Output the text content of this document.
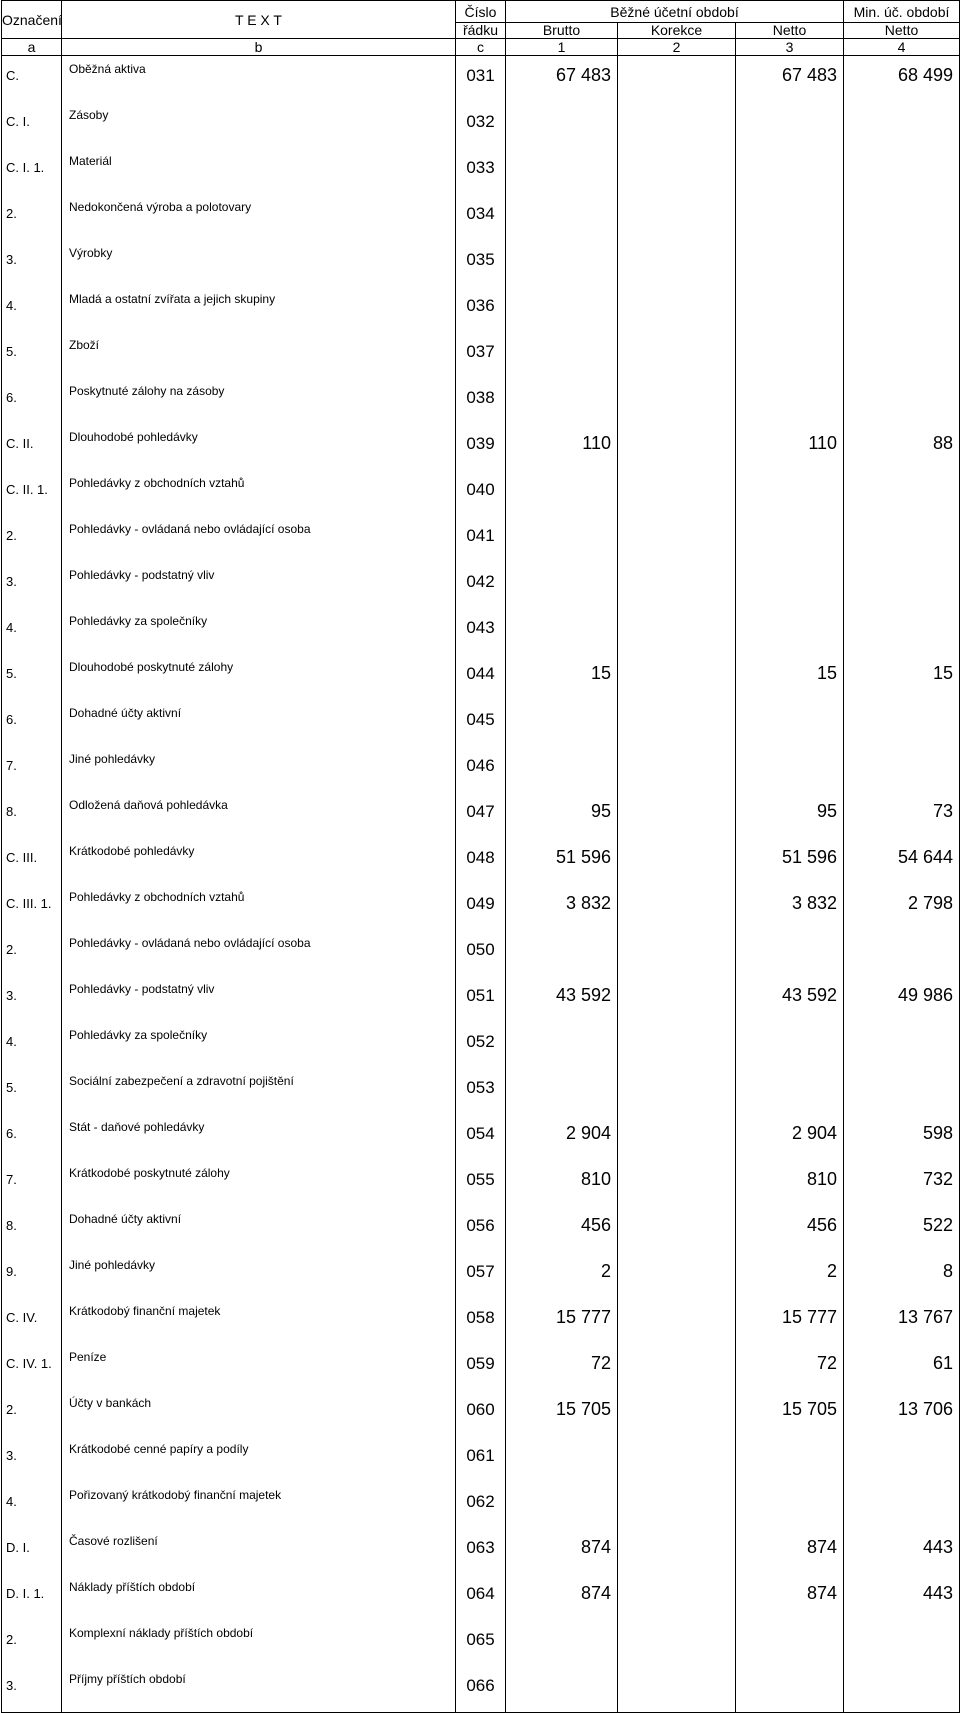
Označení	T E X T	Číslo	Běžné účetní období			Min. úč. období
		řádku	Brutto	Korekce	Netto	Netto
a	b	c	1	2	3	4
C.	Oběžná aktiva	031	67 483		67 483	68 499
C. I.	Zásoby	032				
C. I. 1.	Materiál	033				
2.	Nedokončená výroba a polotovary	034				
3.	Výrobky	035				
4.	Mladá a ostatní zvířata a jejich skupiny	036				
5.	Zboží	037				
6.	Poskytnuté zálohy na zásoby	038				
C. II.	Dlouhodobé pohledávky	039	110		110	88
C. II. 1.	Pohledávky z obchodních vztahů	040				
2.	Pohledávky - ovládaná nebo ovládající osoba	041				
3.	Pohledávky - podstatný vliv	042				
4.	Pohledávky za společníky	043				
5.	Dlouhodobé poskytnuté zálohy	044	15		15	15
6.	Dohadné účty aktivní	045				
7.	Jiné pohledávky	046				
8.	Odložená daňová pohledávka	047	95		95	73
C. III.	Krátkodobé pohledávky	048	51 596		51 596	54 644
C. III. 1.	Pohledávky z obchodních vztahů	049	3 832		3 832	2 798
2.	Pohledávky - ovládaná nebo ovládající osoba	050				
3.	Pohledávky - podstatný vliv	051	43 592		43 592	49 986
4.	Pohledávky za společníky	052				
5.	Sociální zabezpečení a zdravotní pojištění	053				
6.	Stát - daňové pohledávky	054	2 904		2 904	598
7.	Krátkodobé poskytnuté zálohy	055	810		810	732
8.	Dohadné účty aktivní	056	456		456	522
9.	Jiné pohledávky	057	2		2	8
C. IV.	Krátkodobý finanční majetek	058	15 777		15 777	13 767
C. IV. 1.	Peníze	059	72		72	61
2.	Účty v bankách	060	15 705		15 705	13 706
3.	Krátkodobé cenné papíry a podíly	061				
4.	Pořizovaný krátkodobý finanční majetek	062				
D. I.	Časové rozlišení	063	874		874	443
D. I. 1.	Náklady příštích období	064	874		874	443
2.	Komplexní náklady příštích období	065				
3.	Příjmy příštích období	066				
